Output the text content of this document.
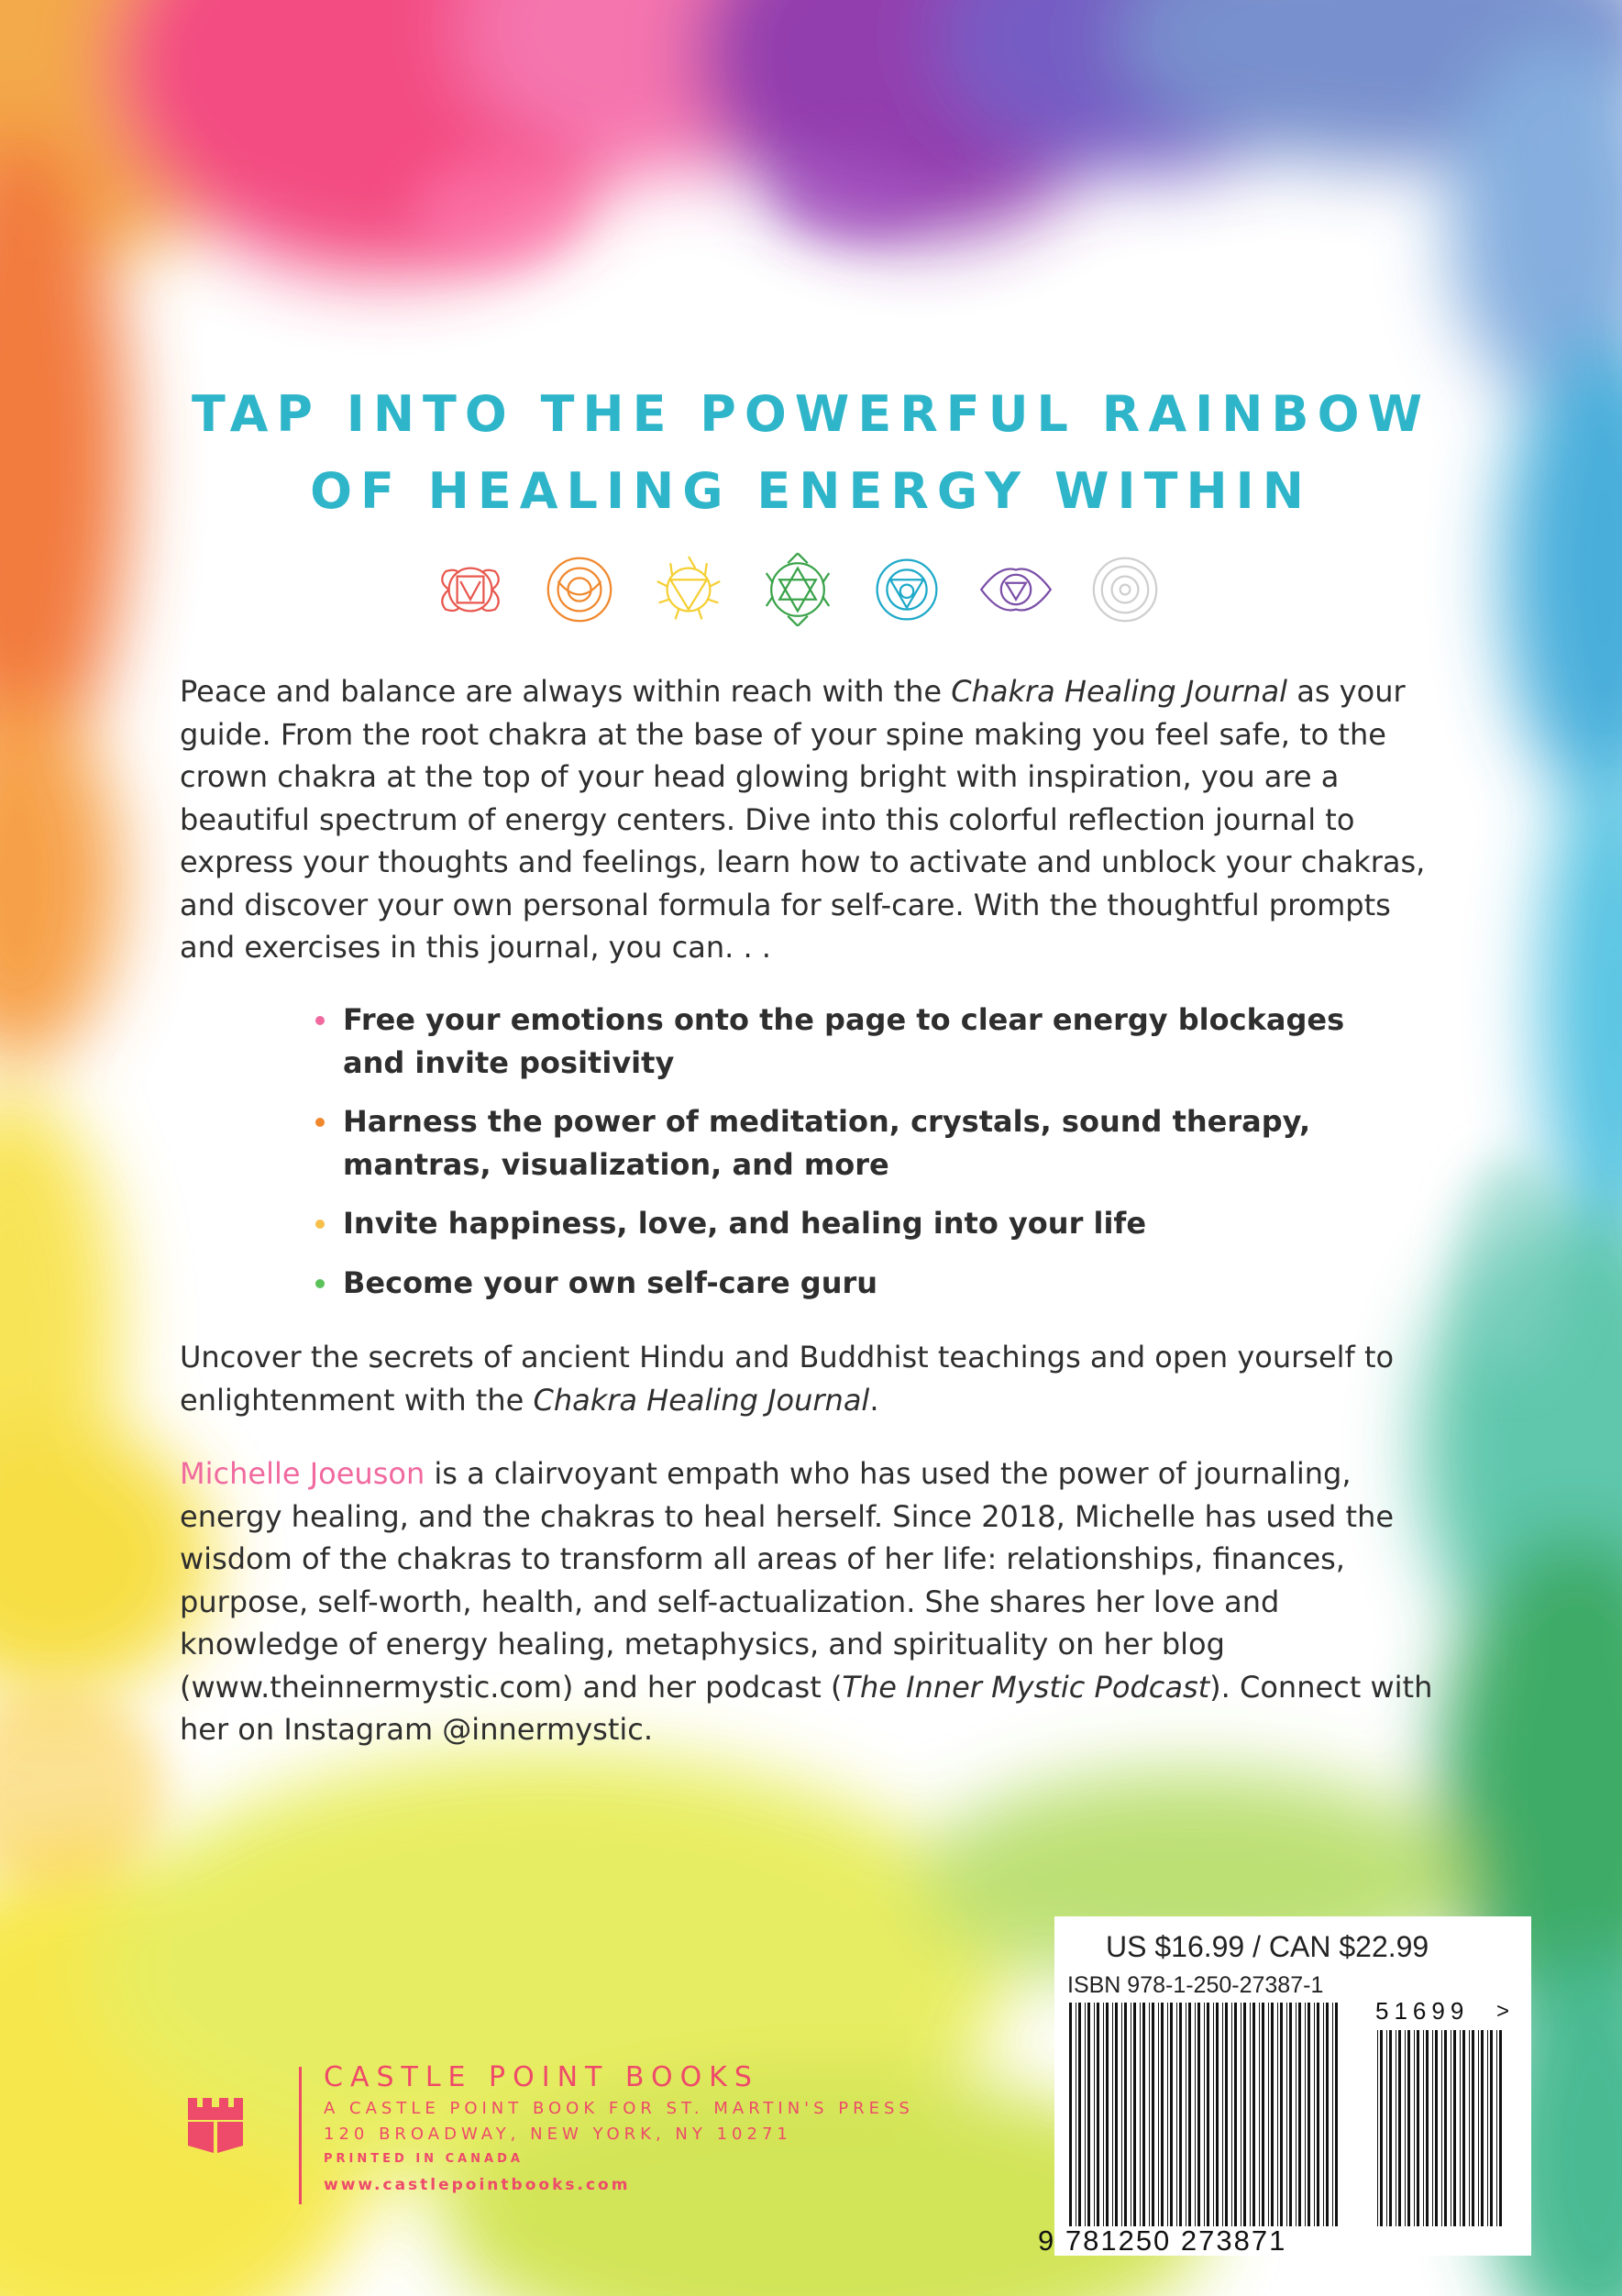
TAP INTO THE POWERFUL RAINBOW
OF HEALING ENERGY WITHIN

Peace and balance are always within reach with the Chakra Healing Journal as your guide. From the root chakra at the base of your spine making you feel safe, to the crown chakra at the top of your head glowing bright with inspiration, you are a beautiful spectrum of energy centers. Dive into this colorful reflection journal to express your thoughts and feelings, learn how to activate and unblock your chakras, and discover your own personal formula for self-care. With the thoughtful prompts and exercises in this journal, you can. . .

Free your emotions onto the page to clear energy blockages and invite positivity
Harness the power of meditation, crystals, sound therapy, mantras, visualization, and more
Invite happiness, love, and healing into your life
Become your own self-care guru

Uncover the secrets of ancient Hindu and Buddhist teachings and open yourself to enlightenment with the Chakra Healing Journal.

Michelle Joeuson is a clairvoyant empath who has used the power of journaling, energy healing, and the chakras to heal herself. Since 2018, Michelle has used the wisdom of the chakras to transform all areas of her life: relationships, finances, purpose, self-worth, health, and self-actualization. She shares her love and knowledge of energy healing, metaphysics, and spirituality on her blog (www.theinnermystic.com) and her podcast (The Inner Mystic Podcast). Connect with her on Instagram @innermystic.

US $16.99 / CAN $22.99
ISBN 978-1-250-27387-1
51699 >
9 781250 273871
CASTLE POINT BOOKS
A CASTLE POINT BOOK FOR ST. MARTIN'S PRESS
120 BROADWAY, NEW YORK, NY 10271
PRINTED IN CANADA
www.castlepointbooks.com
